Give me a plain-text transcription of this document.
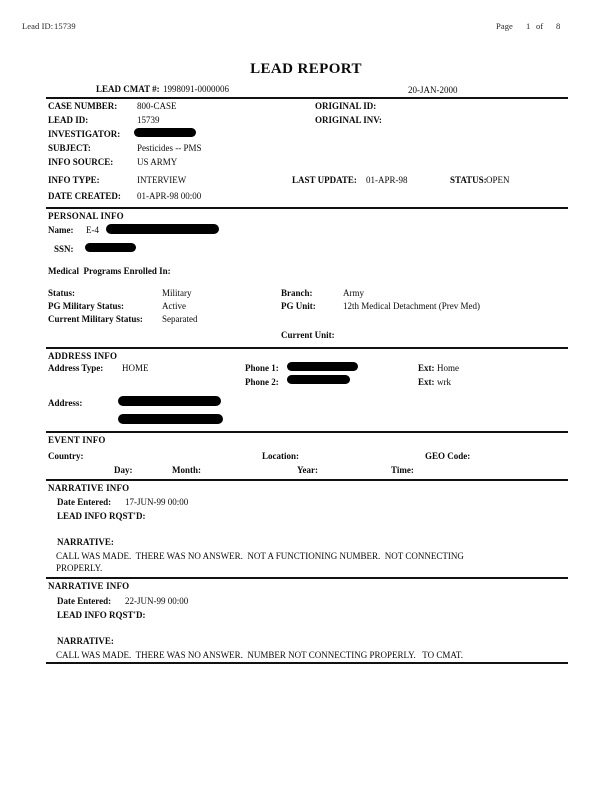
Lead ID: 15739	Page 1 of 8
LEAD REPORT
LEAD CMAT #: 1998091-0000006	20-JAN-2000
CASE NUMBER: 800-CASE	ORIGINAL ID:
LEAD ID:	15739	ORIGINAL INV:
INVESTIGATOR:
SUBJECT:	Pesticides -- PMS
INFO SOURCE:	US ARMY
INFO TYPE:	INTERVIEW	LAST UPDATE: 01-APR-98	STATUS: OPEN
DATE CREATED: 01-APR-98 00:00
PERSONAL INFO
Name: E-4
SSN:
Medical  Programs Enrolled In:
Status:	Military	Branch:	Army
PG Military Status:	Active	PG Unit:	12th Medical Detachment (Prev Med)
Current Military Status: Separated
Current Unit:
ADDRESS INFO
Address Type: HOME	Phone 1:	Ext: Home
Phone 2:	Ext: wrk
Address:
EVENT INFO
Country:	Location:	GEO Code:
Day:	Month:	Year:	Time:
NARRATIVE INFO
Date Entered: 17-JUN-99 00:00
LEAD INFO RQST'D:
NARRATIVE:
CALL WAS MADE.  THERE WAS NO ANSWER.  NOT A FUNCTIONING NUMBER.  NOT CONNECTING
PROPERLY.
NARRATIVE INFO
Date Entered: 22-JUN-99 00:00
LEAD INFO RQST'D:
NARRATIVE:
CALL WAS MADE.  THERE WAS NO ANSWER.  NUMBER NOT CONNECTING PROPERLY.   TO CMAT.
